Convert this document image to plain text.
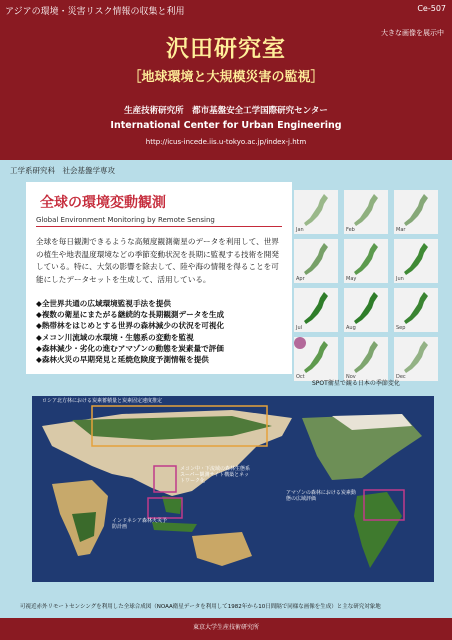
アジアの環境・災害リスク情報の収集と利用	Ce-507
大きな画像を展示中
沢田研究室
［地球環境と大規模災害の監視］
生産技術研究所　都市基盤安全工学国際研究センター
International Center for Urban Engineering
http://icus-incede.iis.u-tokyo.ac.jp/index-j.htm
工学系研究科　社会基盤学専攻
全球の環境変動観測
Global Environment Monitoring by Remote Sensing
全球を毎日観測できるような高頻度観測衛星のデータを利用して、世界の植生や地表温度環境などの季節変動状況を長期に監視する技術を開発している。特に、大気の影響を除去して、陸や海の情報を得ることを可能にしたデータセットを生成して、活用している。
◆全世界共通の広域環境監視手法を提供
◆複数の衛星にまたがる継続的な長期観測データを生成
◆熱帯林をはじめとする世界の森林減少の状況を可視化
◆メコン川流域の水環境・生態系の変動を監視
◆森林減少・劣化の進むアマゾンの動態を炭素量で評価
◆森林火災の早期発見と延焼危険度予測情報を提供
Jan	Feb	Mar
Apr	May	Jun
Jul	Aug	Sep
Oct	Nov	Dec
SPOT衛星で観る日本の季節変化
ロシア北方林における炭素蓄積量と炭素固定速度推定
メコン中・下流域の森林生態系スーパー観測サイト構築とネットワーク化
インドネシア森林火災予防計画
アマゾンの森林における炭素動態の広域評価
可視近赤外リモートセンシングを利用した全球合成図（NOAA衛星データを利用して1982年から10日間隔で同様な画像を生成）と主な研究対象地
東京大学生産技術研究所
